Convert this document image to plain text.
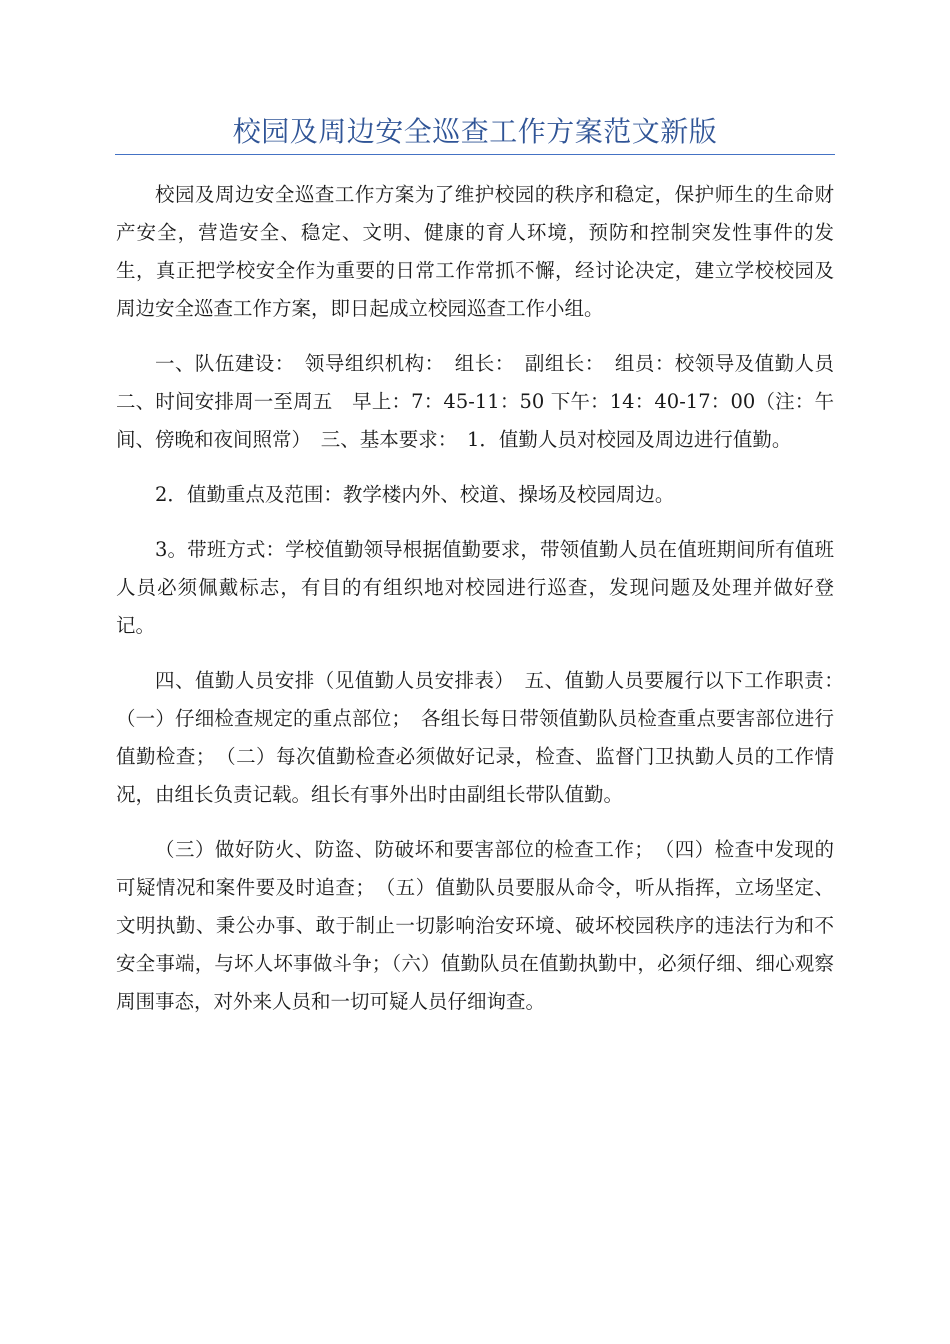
校园及周边安全巡查工作方案范文新版

校园及周边安全巡查工作方案为了维护校园的秩序和稳定，保护师生的生命财产安全，营造安全、稳定、文明、健康的育人环境，预防和控制突发性事件的发生，真正把学校安全作为重要的日常工作常抓不懈，经讨论决定，建立学校校园及周边安全巡查工作方案，即日起成立校园巡查工作小组。

一、队伍建设：　领导组织机构：　组长：　副组长：　组员：校领导及值勤人员二、时间安排周一至周五　早上：7：45-11：50 下午：14：40-17：00（注：午间、傍晚和夜间照常）　三、基本要求：　1．值勤人员对校园及周边进行值勤。

2．值勤重点及范围：教学楼内外、校道、操场及校园周边。

3。带班方式：学校值勤领导根据值勤要求，带领值勤人员在值班期间所有值班人员必须佩戴标志，有目的有组织地对校园进行巡查，发现问题及处理并做好登记。

四、值勤人员安排（见值勤人员安排表）　五、值勤人员要履行以下工作职责：　（一）仔细检查规定的重点部位；　各组长每日带领值勤队员检查重点要害部位进行值勤检查；　（二）每次值勤检查必须做好记录，检查、监督门卫执勤人员的工作情况，由组长负责记载。组长有事外出时由副组长带队值勤。

（三）做好防火、防盗、防破坏和要害部位的检查工作；　（四）检查中发现的可疑情况和案件要及时追查；　（五）值勤队员要服从命令，听从指挥，立场坚定、文明执勤、秉公办事、敢于制止一切影响治安环境、破坏校园秩序的违法行为和不安全事端，与坏人坏事做斗争；（六）值勤队员在值勤执勤中，必须仔细、细心观察周围事态，对外来人员和一切可疑人员仔细询查。
